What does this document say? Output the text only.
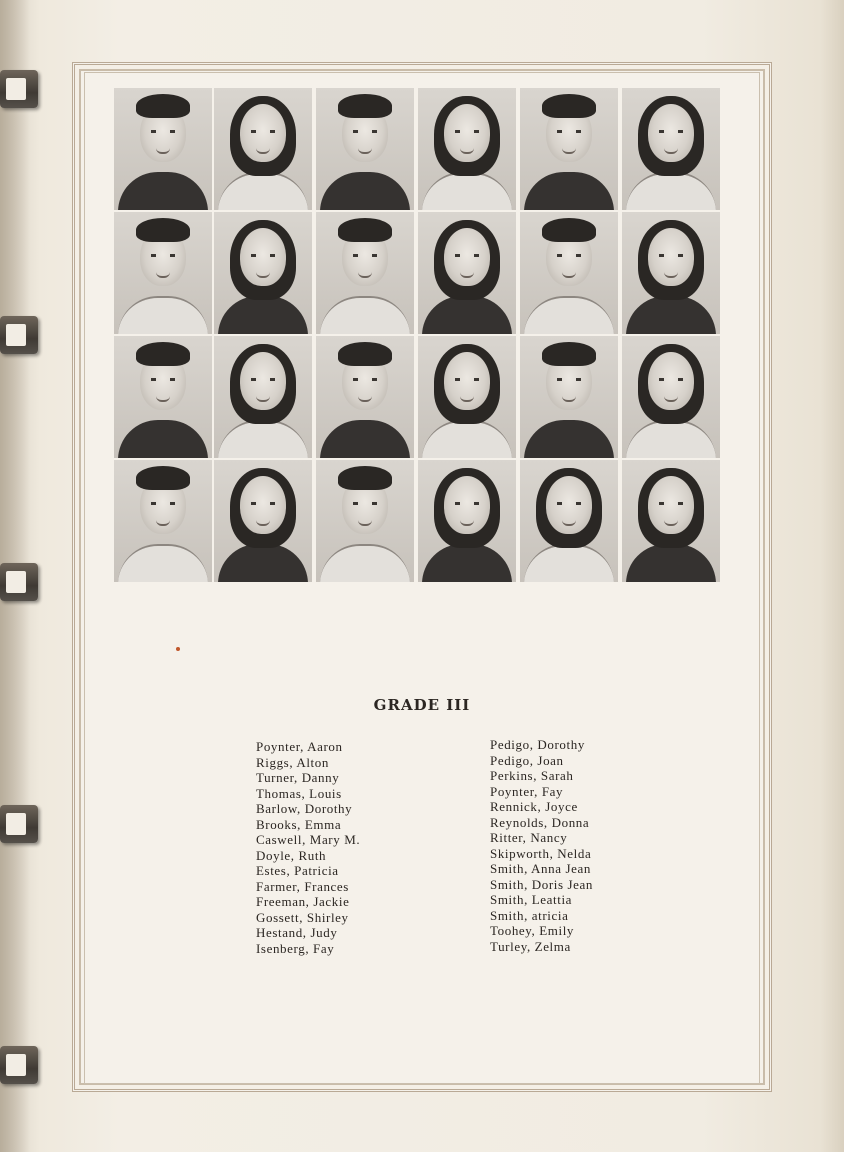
GRADE III
Poynter, Aaron
Riggs, Alton
Turner, Danny
Thomas, Louis
Barlow, Dorothy
Brooks, Emma
Caswell, Mary M.
Doyle, Ruth
Estes, Patricia
Farmer, Frances
Freeman, Jackie
Gossett, Shirley
Hestand, Judy
Isenberg, Fay
Pedigo, Dorothy
Pedigo, Joan
Perkins, Sarah
Poynter, Fay
Rennick, Joyce
Reynolds, Donna
Ritter, Nancy
Skipworth, Nelda
Smith, Anna Jean
Smith, Doris Jean
Smith, Leattia
Smith, atricia
Toohey, Emily
Turley, Zelma
